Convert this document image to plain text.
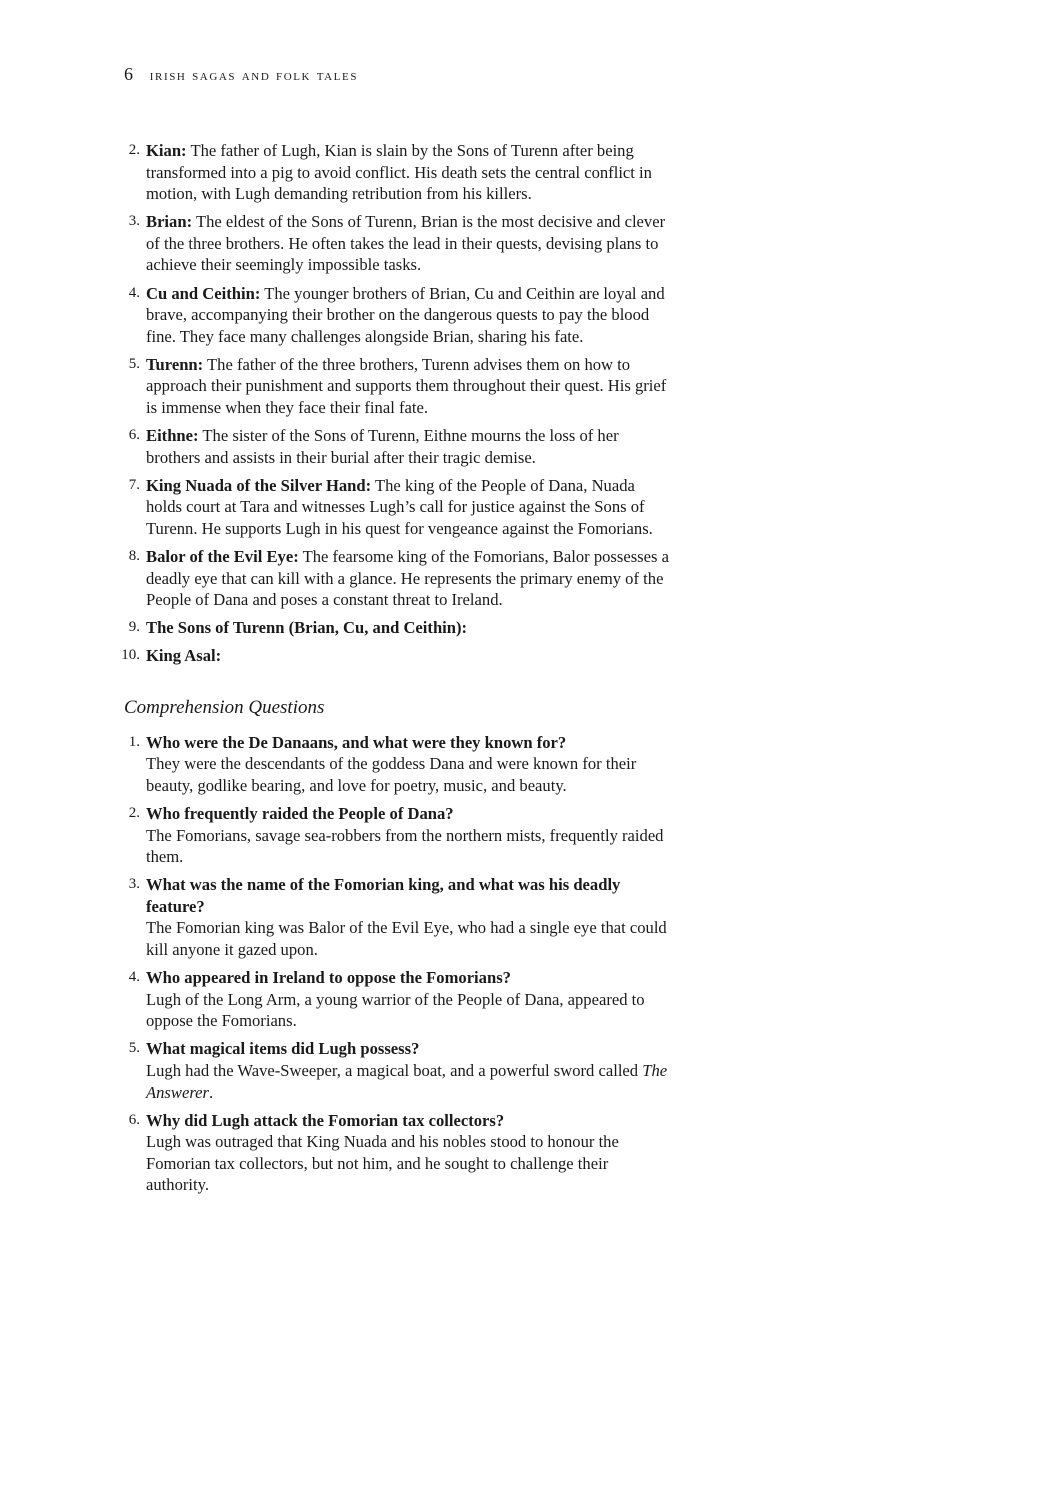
6 irish sagas and folk tales
2. Kian: The father of Lugh, Kian is slain by the Sons of Turenn after being transformed into a pig to avoid conflict. His death sets the central conflict in motion, with Lugh demanding retribution from his killers.
3. Brian: The eldest of the Sons of Turenn, Brian is the most decisive and clever of the three brothers. He often takes the lead in their quests, devising plans to achieve their seemingly impossible tasks.
4. Cu and Ceithin: The younger brothers of Brian, Cu and Ceithin are loyal and brave, accompanying their brother on the dangerous quests to pay the blood fine. They face many challenges alongside Brian, sharing his fate.
5. Turenn: The father of the three brothers, Turenn advises them on how to approach their punishment and supports them throughout their quest. His grief is immense when they face their final fate.
6. Eithne: The sister of the Sons of Turenn, Eithne mourns the loss of her brothers and assists in their burial after their tragic demise.
7. King Nuada of the Silver Hand: The king of the People of Dana, Nuada holds court at Tara and witnesses Lugh’s call for justice against the Sons of Turenn. He supports Lugh in his quest for vengeance against the Fomorians.
8. Balor of the Evil Eye: The fearsome king of the Fomorians, Balor possesses a deadly eye that can kill with a glance. He represents the primary enemy of the People of Dana and poses a constant threat to Ireland.
9. The Sons of Turenn (Brian, Cu, and Ceithin):
10. King Asal:
Comprehension Questions
1. Who were the De Danaans, and what were they known for?
They were the descendants of the goddess Dana and were known for their beauty, godlike bearing, and love for poetry, music, and beauty.
2. Who frequently raided the People of Dana?
The Fomorians, savage sea-robbers from the northern mists, frequently raided them.
3. What was the name of the Fomorian king, and what was his deadly feature?
The Fomorian king was Balor of the Evil Eye, who had a single eye that could kill anyone it gazed upon.
4. Who appeared in Ireland to oppose the Fomorians?
Lugh of the Long Arm, a young warrior of the People of Dana, appeared to oppose the Fomorians.
5. What magical items did Lugh possess?
Lugh had the Wave-Sweeper, a magical boat, and a powerful sword called The Answerer.
6. Why did Lugh attack the Fomorian tax collectors?
Lugh was outraged that King Nuada and his nobles stood to honour the Fomorian tax collectors, but not him, and he sought to challenge their authority.
